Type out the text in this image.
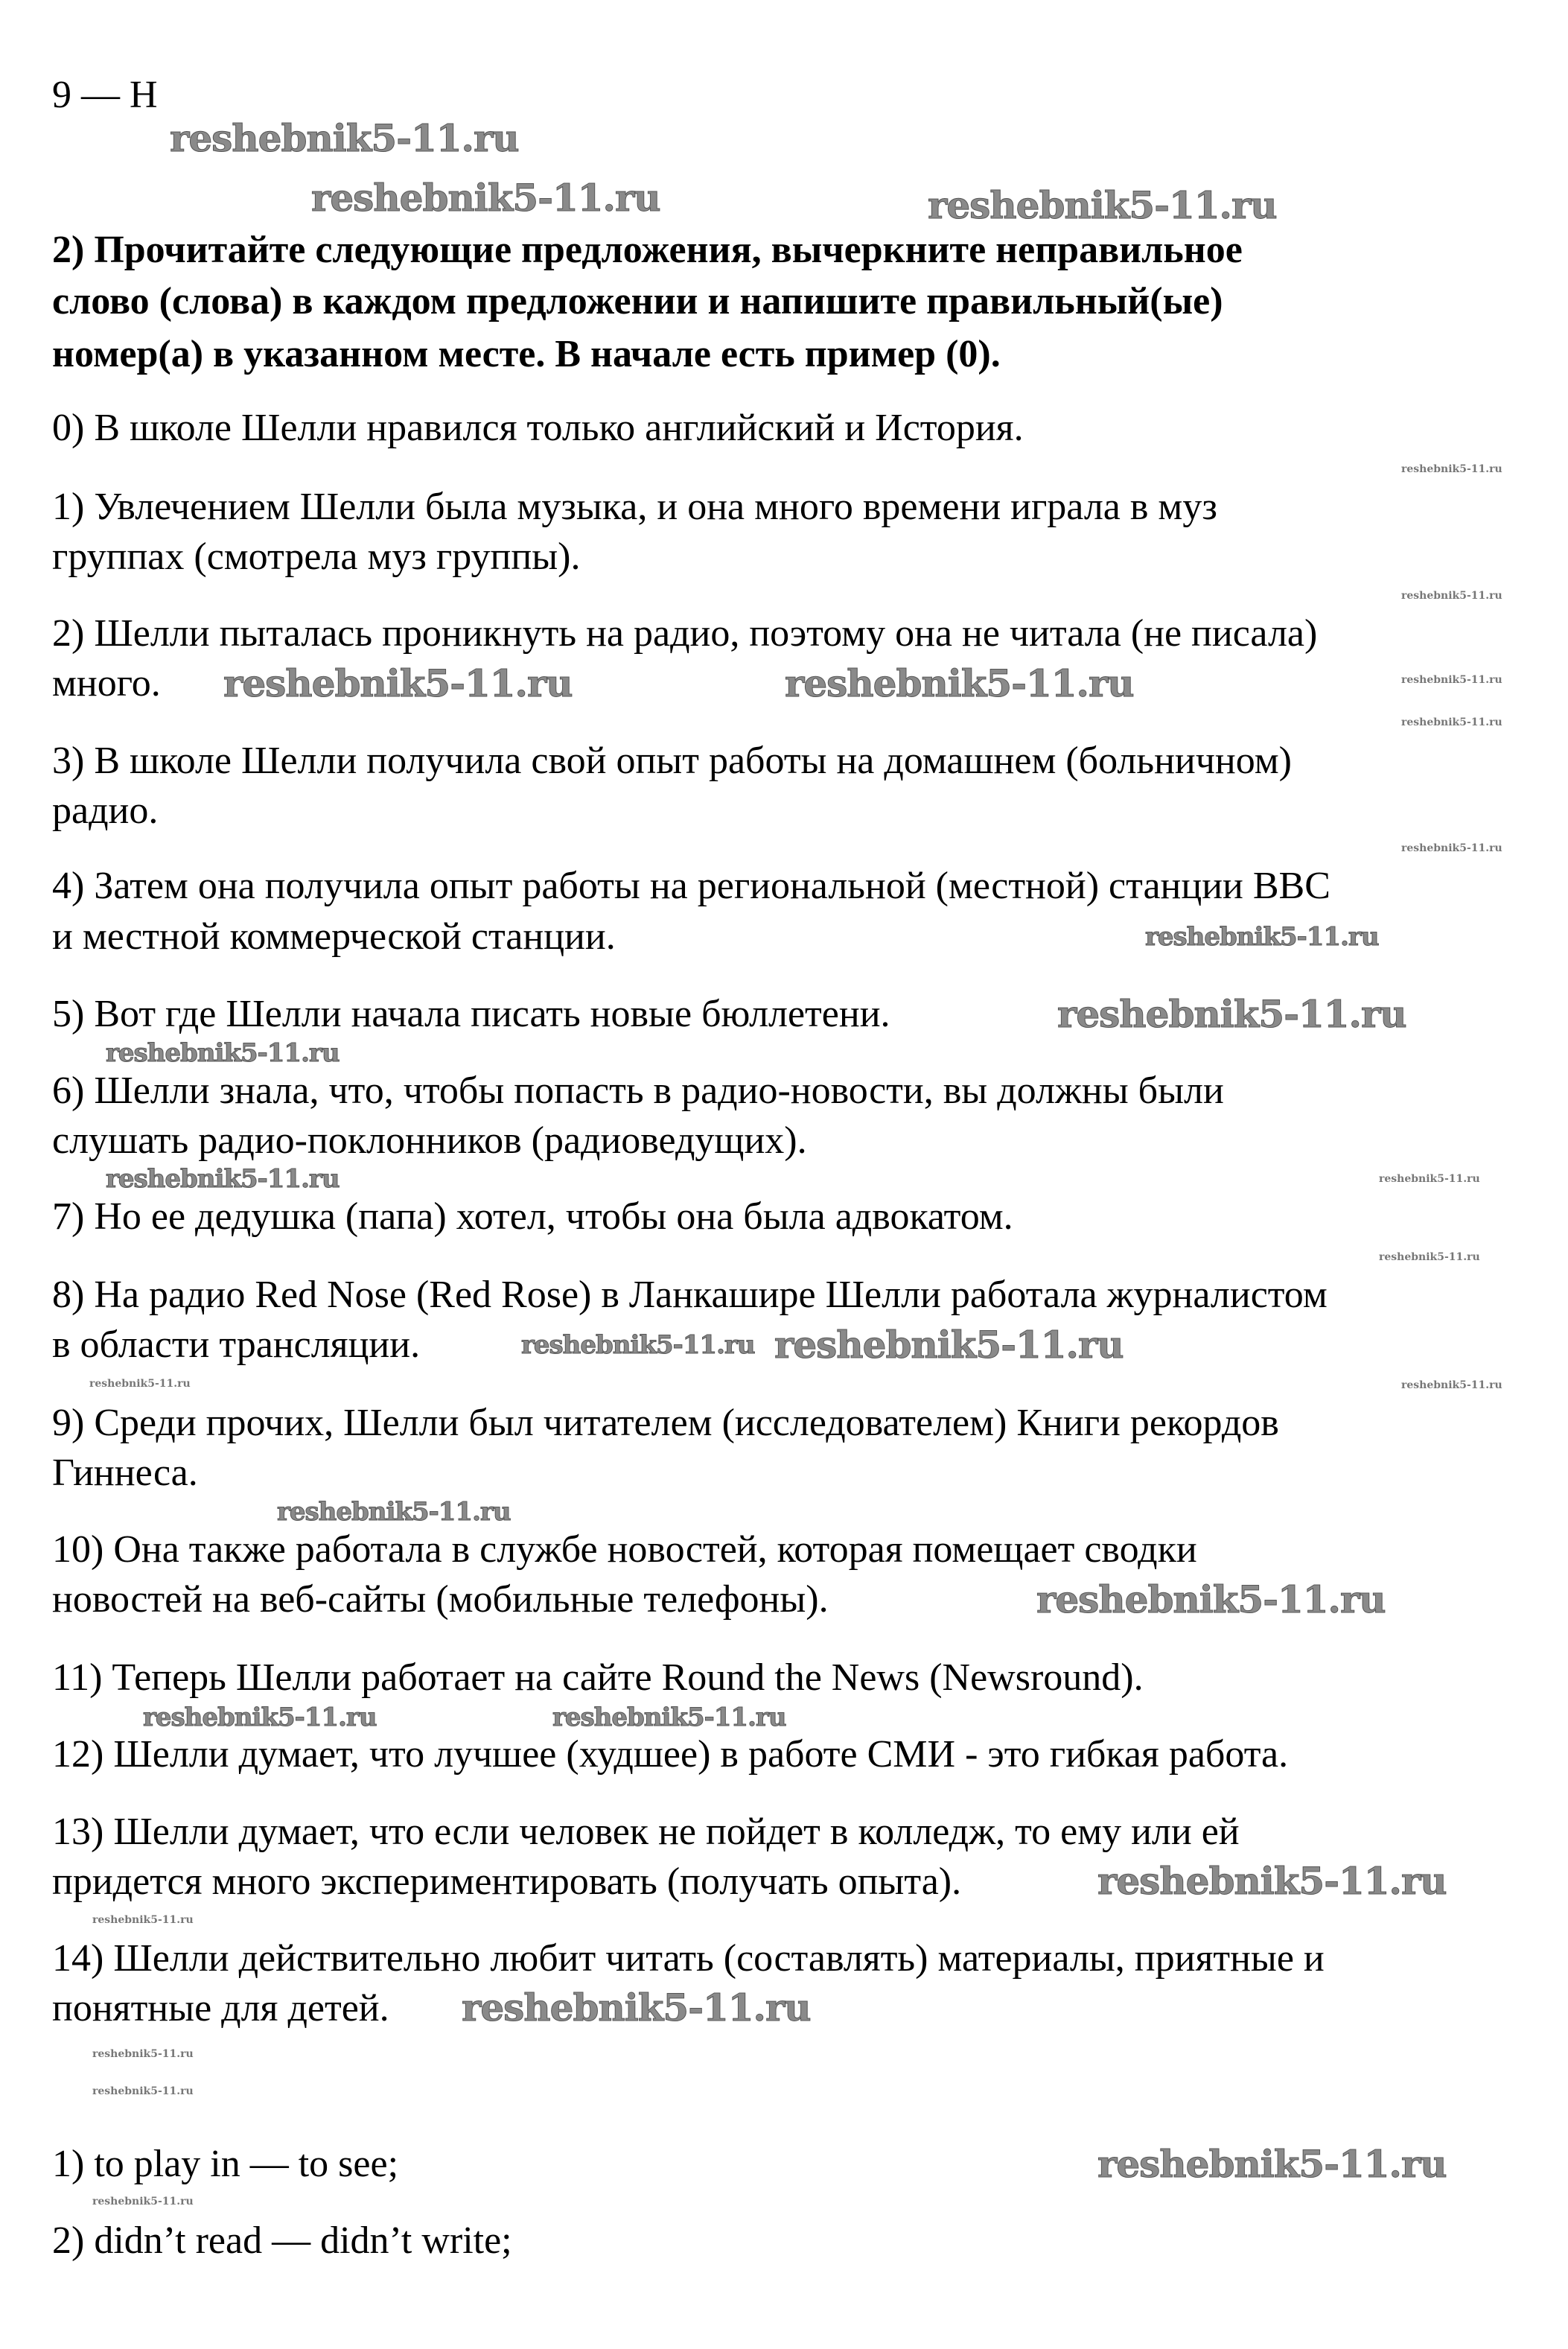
9 — H
2) Прочитайте следующие предложения, вычеркните неправильное
слово (слова) в каждом предложении и напишите правильный(ые)
номер(а) в указанном месте. В начале есть пример (0).
0) В школе Шелли нравился только английский и История.
1) Увлечением Шелли была музыка, и она много времени играла в муз
группах (смотрела муз группы).
2) Шелли пыталась проникнуть на радио, поэтому она не читала (не писала)
много.
3) В школе Шелли получила свой опыт работы на домашнем (больничном)
радио.
4) Затем она получила опыт работы на региональной (местной) станции BBC
и местной коммерческой станции.
5) Вот где Шелли начала писать новые бюллетени.
6) Шелли знала, что, чтобы попасть в радио-новости, вы должны были
слушать радио-поклонников (радиоведущих).
7) Но ее дедушка (папа) хотел, чтобы она была адвокатом.
8) На радио Red Nose (Red Rose) в Ланкашире Шелли работала журналистом
в области трансляции.
9) Среди прочих, Шелли был читателем (исследователем) Книги рекордов
Гиннеса.
10) Она также работала в службе новостей, которая помещает сводки
новостей на веб-сайты (мобильные телефоны).
11) Теперь Шелли работает на сайте Round the News (Newsround).
12) Шелли думает, что лучшее (худшее) в работе СМИ - это гибкая работа.
13) Шелли думает, что если человек не пойдет в колледж, то ему или ей
придется много экспериментировать (получать опыта).
14) Шелли действительно любит читать (составлять) материалы, приятные и
понятные для детей.
1) to play in — to see;
2) didn’t read — didn’t write;
reshebnik5-11.ru
reshebnik5-11.ru
reshebnik5-11.ru
reshebnik5-11.ru	reshebnik5-11.ru
reshebnik5-11.ru
reshebnik5-11.ru
reshebnik5-11.ru
reshebnik5-11.ru
reshebnik5-11.ru
reshebnik5-11.ru
reshebnik5-11.ru
reshebnik5-11.ru
reshebnik5-11.ru	reshebnik5-11.ru
reshebnik5-11.ru
reshebnik5-11.ru
reshebnik5-11.ru
reshebnik5-11.ru
reshebnik5-11.ru
reshebnik5-11.ru
reshebnik5-11.ru
reshebnik5-11.ru
reshebnik5-11.ru
reshebnik5-11.ru
reshebnik5-11.ru
reshebnik5-11.ru
reshebnik5-11.ru
reshebnik5-11.ru
reshebnik5-11.ru
reshebnik5-11.ru
